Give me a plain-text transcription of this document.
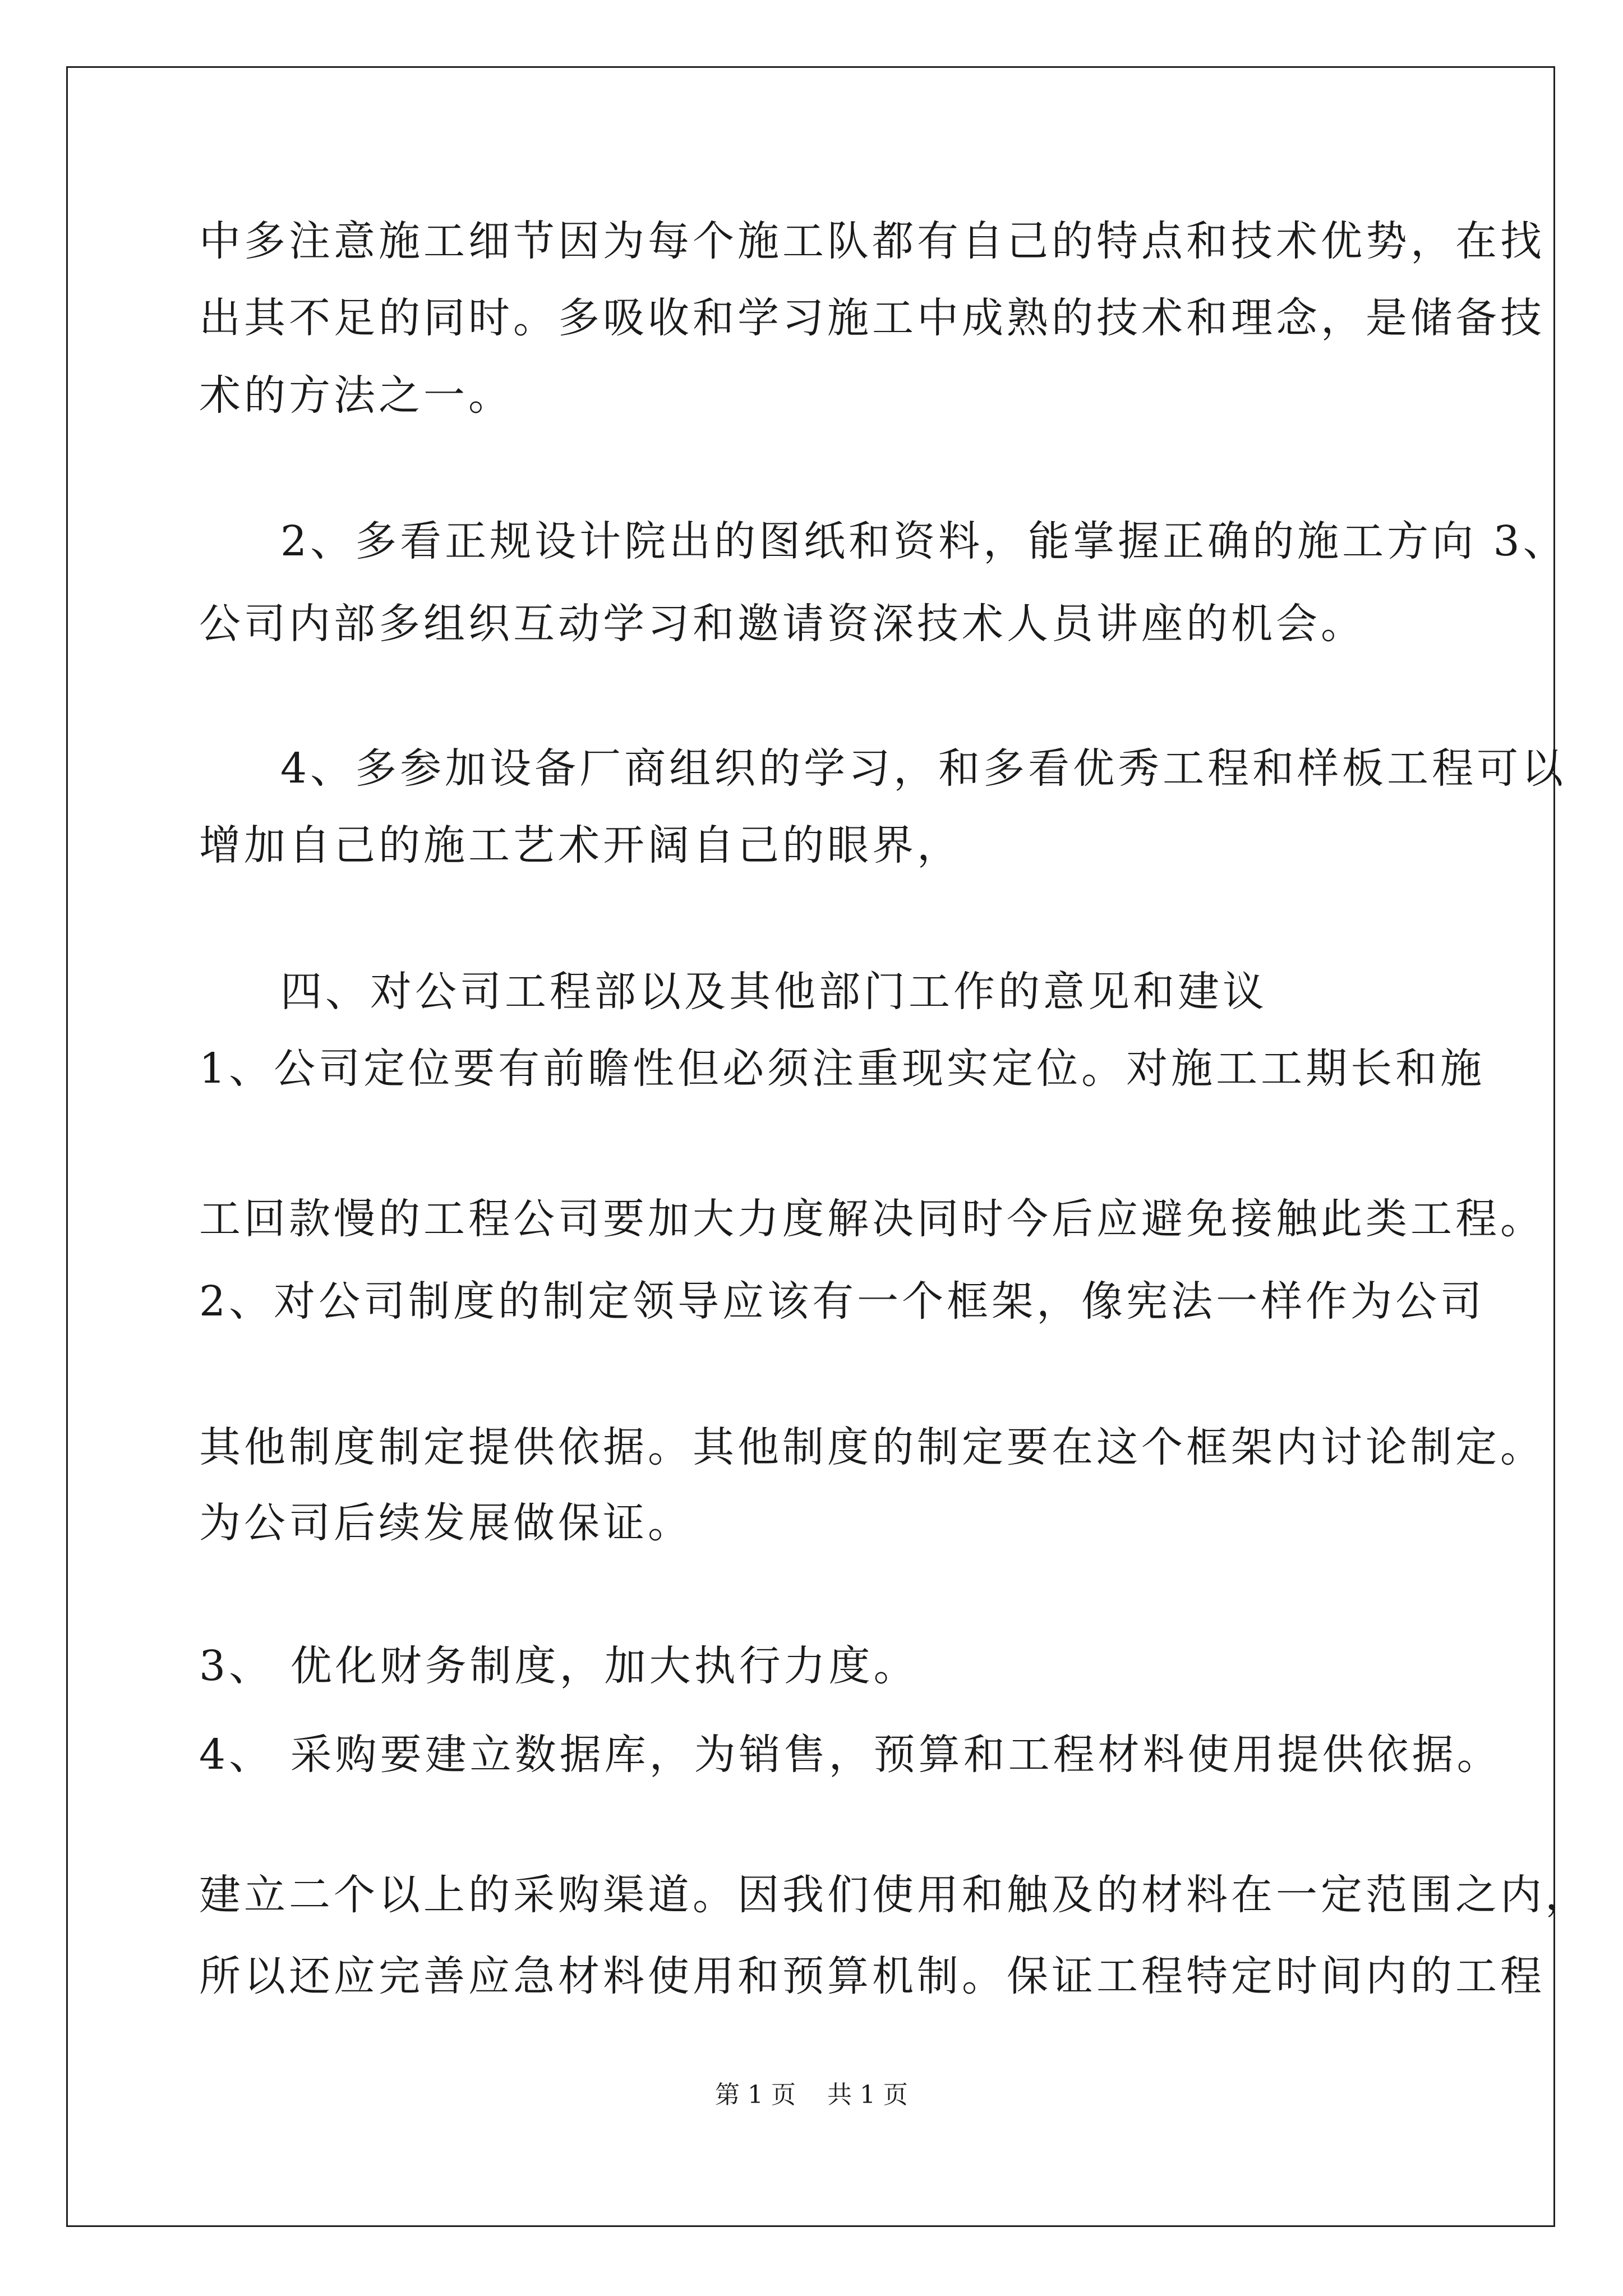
中多注意施工细节因为每个施工队都有自己的特点和技术优势，在找
出其不足的同时。多吸收和学习施工中成熟的技术和理念，是储备技
术的方法之一。
2、多看正规设计院出的图纸和资料，能掌握正确的施工方向 3、
公司内部多组织互动学习和邀请资深技术人员讲座的机会。
4、多参加设备厂商组织的学习，和多看优秀工程和样板工程可以
增加自己的施工艺术开阔自己的眼界，
四、对公司工程部以及其他部门工作的意见和建议
1、公司定位要有前瞻性但必须注重现实定位。对施工工期长和施
工回款慢的工程公司要加大力度解决同时今后应避免接触此类工程。
2、对公司制度的制定领导应该有一个框架，像宪法一样作为公司
其他制度制定提供依据。其他制度的制定要在这个框架内讨论制定。
为公司后续发展做保证。
3、 优化财务制度，加大执行力度。
4、 采购要建立数据库，为销售，预算和工程材料使用提供依据。
建立二个以上的采购渠道。因我们使用和触及的材料在一定范围之内，
所以还应完善应急材料使用和预算机制。保证工程特定时间内的工程
第 1 页    共 1 页
